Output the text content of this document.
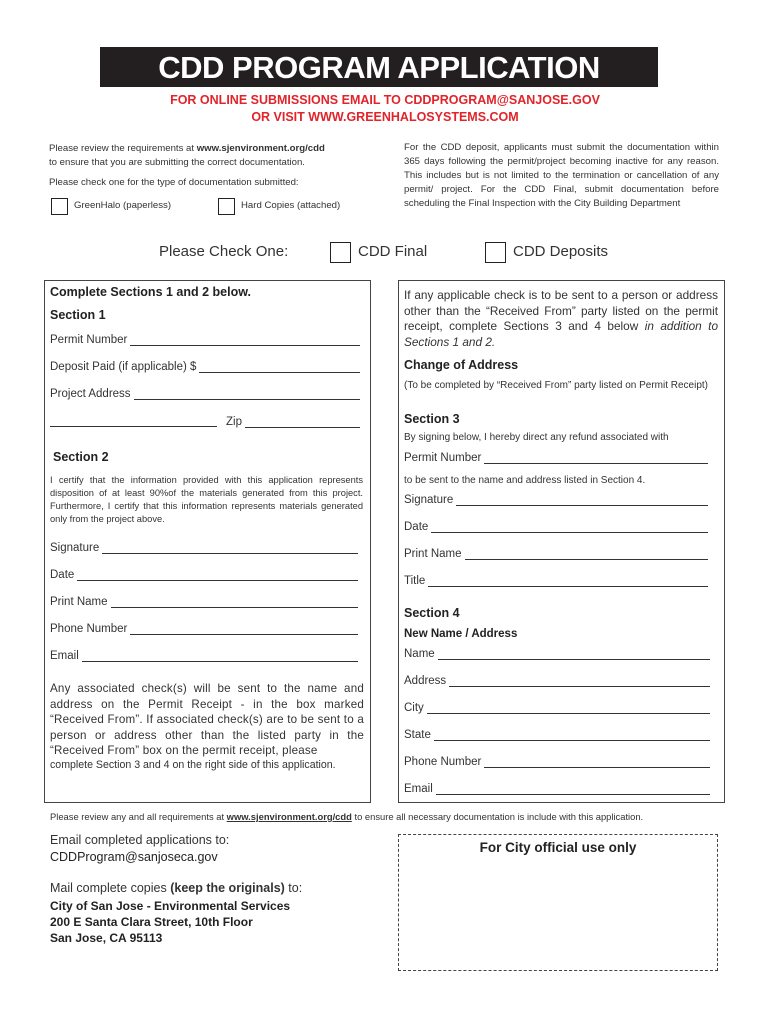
CDD PROGRAM APPLICATION
FOR ONLINE SUBMISSIONS EMAIL TO CDDPROGRAM@SANJOSE.GOV
OR VISIT WWW.GREENHALOSYSTEMS.COM
Please review the requirements at www.sjenvironment.org/cdd
to ensure that you are submitting the correct documentation.
Please check one for the type of documentation submitted:
GreenHalo (paperless)	Hard Copies (attached)
For the CDD deposit, applicants must submit the documentation within 365 days following the permit/project becoming inactive for any reason. This includes but is not limited to the termination or cancellation of any permit/ project. For the CDD Final, submit documentation before scheduling the Final Inspection with the City Building Department
Please Check One:	CDD Final	CDD Deposits
Complete Sections 1 and 2 below.
Section 1
Permit Number
Deposit Paid (if applicable) $
Project Address
Zip
Section 2
I certify that the information provided with this application represents disposition of at least 90%of the materials generated from this project. Furthermore, I certify that this information represents materials generated only from the project above.
Signature
Date
Print Name
Phone Number
Email
Any associated check(s) will be sent to the name and address on the Permit Receipt - in the box marked “Received From”. If associated check(s) are to be sent to a person or address other than the listed party in the “Received From” box on the permit receipt, please
complete Section 3 and 4 on the right side of this application.
If any applicable check is to be sent to a person or address other than the “Received From” party listed on the permit receipt, complete Sections 3 and 4 below in addition to Sections 1 and 2.
Change of Address
(To be completed by “Received From” party listed on Permit Receipt)
Section 3
By signing below, I hereby direct any refund associated with
Permit Number
to be sent to the name and address listed in Section 4.
Signature
Date
Print Name
Title
Section 4
New Name / Address
Name
Address
City
State
Phone Number
Email
Please review any and all requirements at www.sjenvironment.org/cdd to ensure all necessary documentation is include with this application.
Email completed applications to:
CDDProgram@sanjoseca.gov
Mail complete copies (keep the originals) to:
City of San Jose - Environmental Services
200 E Santa Clara Street, 10th Floor
San Jose, CA 95113
For City official use only
